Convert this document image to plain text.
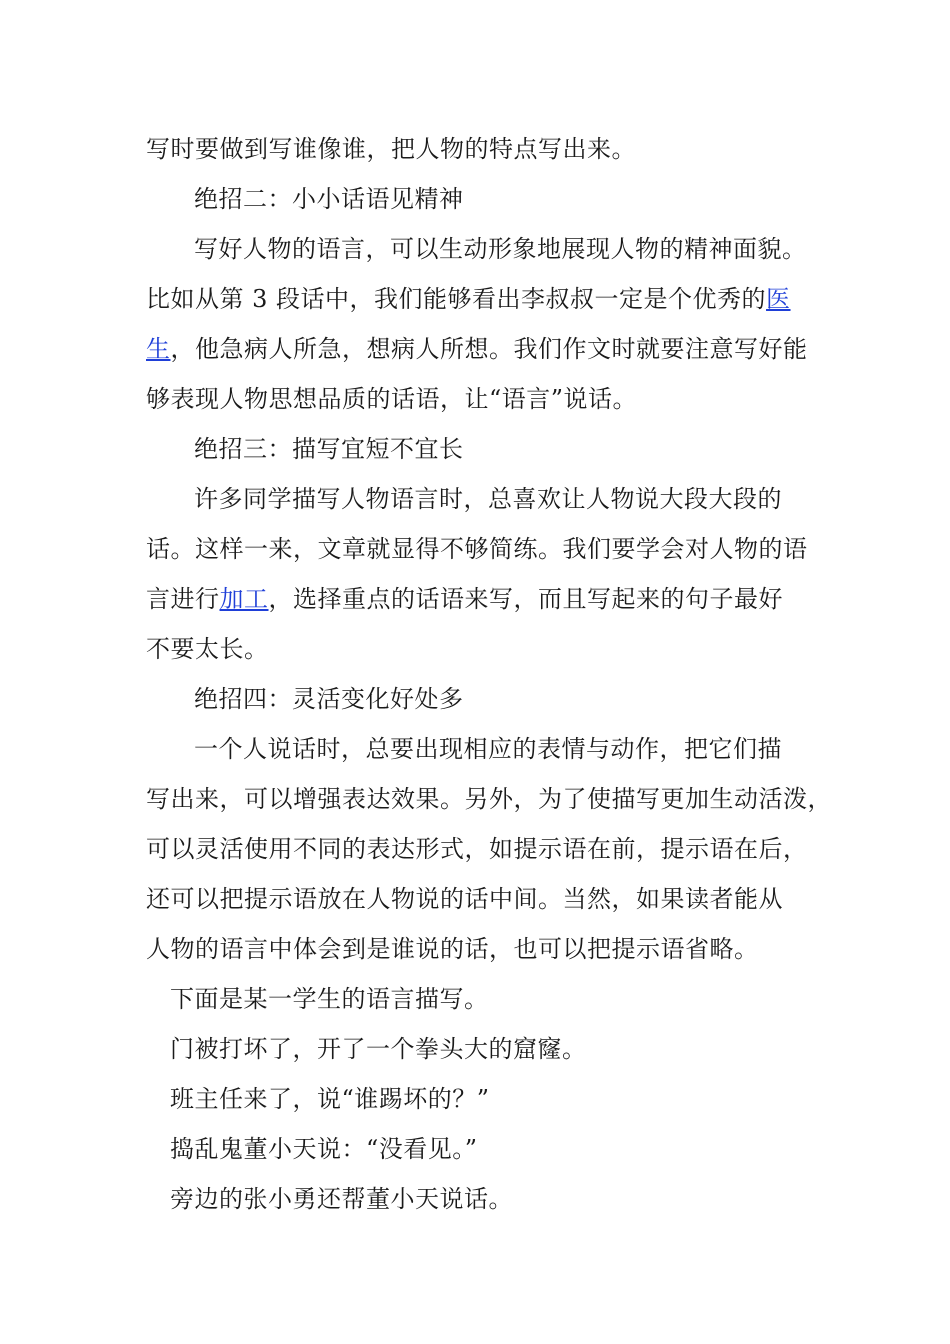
写时要做到写谁像谁，把人物的特点写出来。
绝招二：小小话语见精神
写好人物的语言，可以生动形象地展现人物的精神面貌。
比如从第 3 段话中，我们能够看出李叔叔一定是个优秀的医
生，他急病人所急，想病人所想。我们作文时就要注意写好能
够表现人物思想品质的话语，让“语言”说话。
绝招三：描写宜短不宜长
许多同学描写人物语言时，总喜欢让人物说大段大段的
话。这样一来，文章就显得不够简练。我们要学会对人物的语
言进行加工，选择重点的话语来写，而且写起来的句子最好
不要太长。
绝招四：灵活变化好处多
一个人说话时，总要出现相应的表情与动作，把它们描
写出来，可以增强表达效果。另外，为了使描写更加生动活泼，
可以灵活使用不同的表达形式，如提示语在前，提示语在后，
还可以把提示语放在人物说的话中间。当然，如果读者能从
人物的语言中体会到是谁说的话，也可以把提示语省略。
下面是某一学生的语言描写。
门被打坏了，开了一个拳头大的窟窿。
班主任来了，说“谁踢坏的？”
捣乱鬼董小天说：“没看见。”
旁边的张小勇还帮董小天说话。
